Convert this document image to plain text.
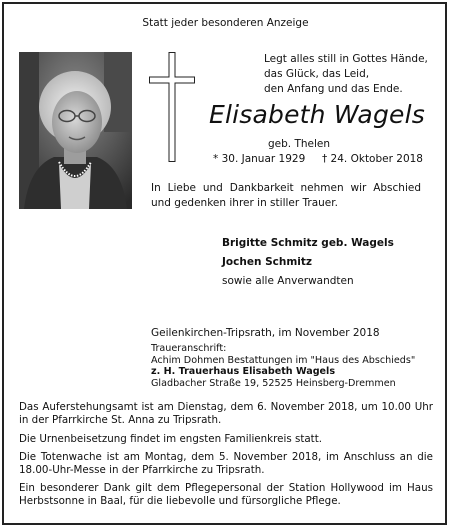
Statt jeder besonderen Anzeige
Legt alles still in Gottes Hände,
das Glück, das Leid,
den Anfang und das Ende.
Elisabeth Wagels
geb. Thelen
* 30. Januar 1929 † 24. Oktober 2018
In Liebe und Dankbarkeit nehmen wir Abschied und gedenken ihrer in stiller Trauer.
Brigitte Schmitz geb. Wagels
Jochen Schmitz
sowie alle Anverwandten
Geilenkirchen-Tripsrath, im November 2018
Traueranschrift:
Achim Dohmen Bestattungen im "Haus des Abschieds"
z. H. Trauerhaus Elisabeth Wagels
Gladbacher Straße 19, 52525 Heinsberg-Dremmen
Das Auferstehungsamt ist am Dienstag, dem 6. November 2018, um 10.00 Uhr in der Pfarrkirche St. Anna zu Tripsrath.
Die Urnenbeisetzung findet im engsten Familienkreis statt.
Die Totenwache ist am Montag, dem 5. November 2018, im Anschluss an die 18.00-Uhr-Messe in der Pfarrkirche zu Tripsrath.
Ein besonderer Dank gilt dem Pflegepersonal der Station Hollywood im Haus Herbstsonne in Baal, für die liebevolle und fürsorgliche Pflege.
